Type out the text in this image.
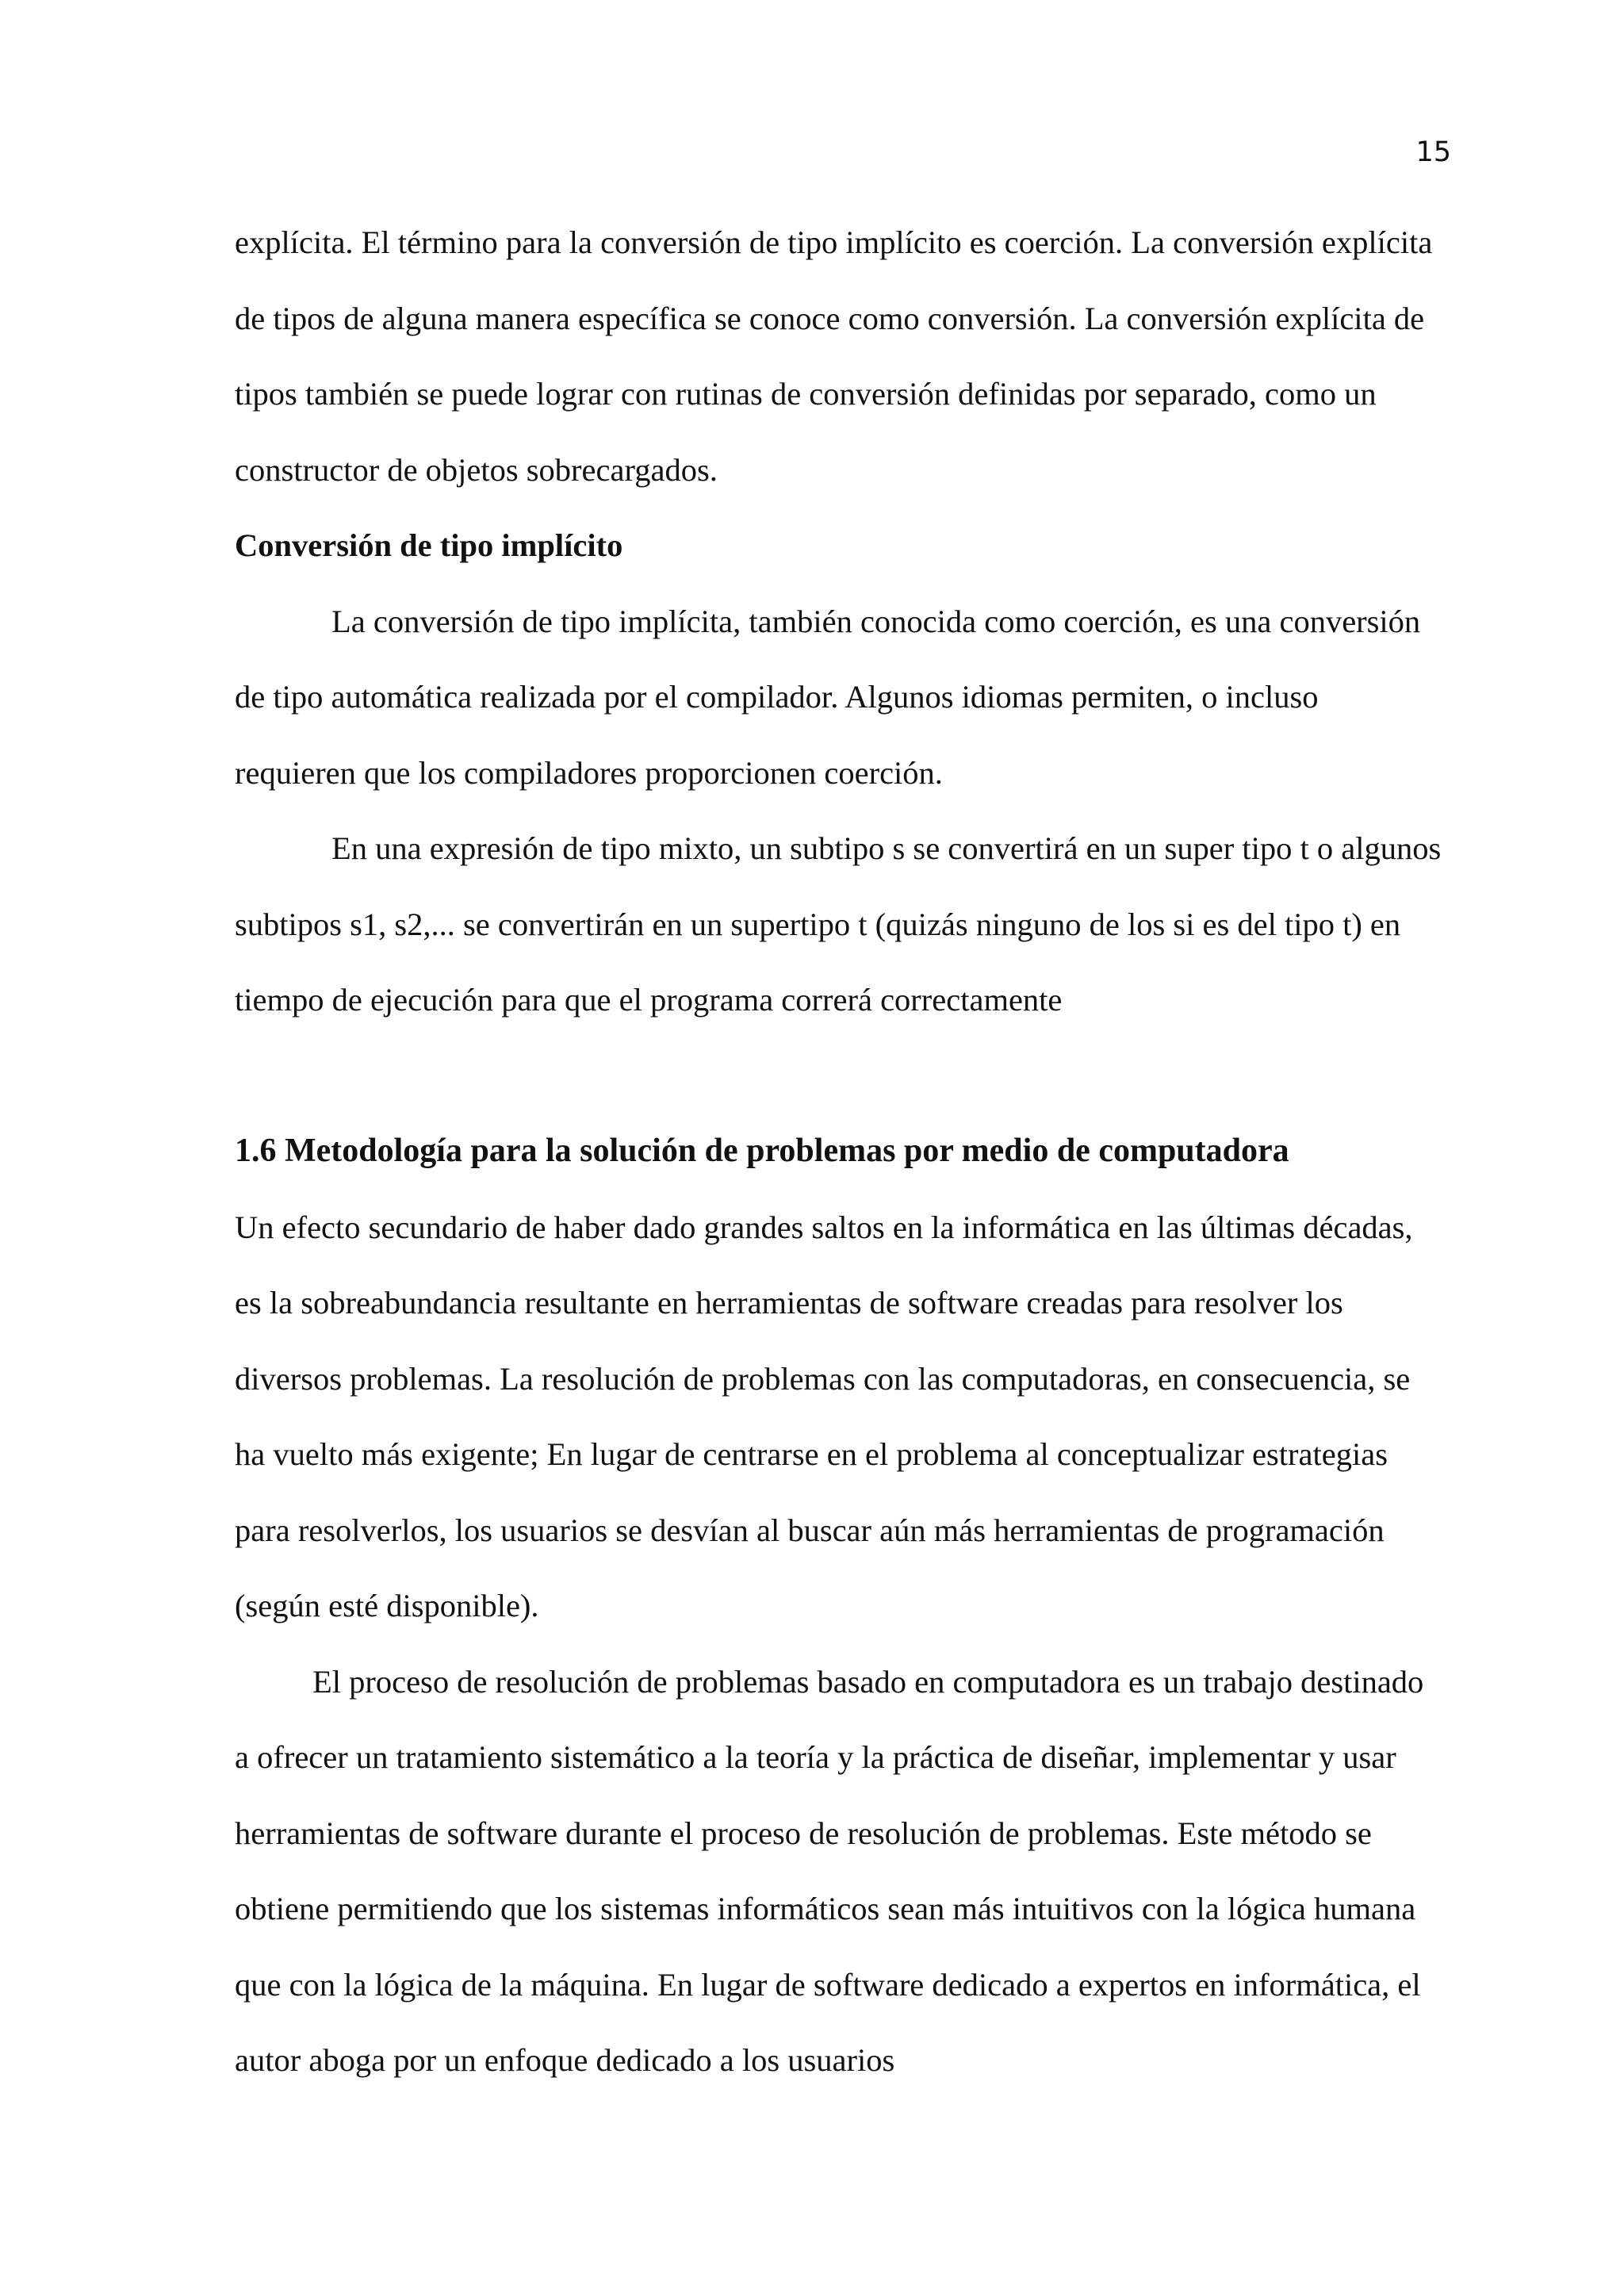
15

explícita. El término para la conversión de tipo implícito es coerción. La conversión explícita de tipos de alguna manera específica se conoce como conversión. La conversión explícita de tipos también se puede lograr con rutinas de conversión definidas por separado, como un constructor de objetos sobrecargados.

Conversión de tipo implícito

La conversión de tipo implícita, también conocida como coerción, es una conversión de tipo automática realizada por el compilador. Algunos idiomas permiten, o incluso requieren que los compiladores proporcionen coerción.

En una expresión de tipo mixto, un subtipo s se convertirá en un super tipo t o algunos subtipos s1, s2,... se convertirán en un supertipo t (quizás ninguno de los si es del tipo t) en tiempo de ejecución para que el programa correrá correctamente

1.6 Metodología para la solución de problemas por medio de computadora

Un efecto secundario de haber dado grandes saltos en la informática en las últimas décadas, es la sobreabundancia resultante en herramientas de software creadas para resolver los diversos problemas. La resolución de problemas con las computadoras, en consecuencia, se ha vuelto más exigente; En lugar de centrarse en el problema al conceptualizar estrategias para resolverlos, los usuarios se desvían al buscar aún más herramientas de programación (según esté disponible).

El proceso de resolución de problemas basado en computadora es un trabajo destinado a ofrecer un tratamiento sistemático a la teoría y la práctica de diseñar, implementar y usar herramientas de software durante el proceso de resolución de problemas. Este método se obtiene permitiendo que los sistemas informáticos sean más intuitivos con la lógica humana que con la lógica de la máquina. En lugar de software dedicado a expertos en informática, el autor aboga por un enfoque dedicado a los usuarios
